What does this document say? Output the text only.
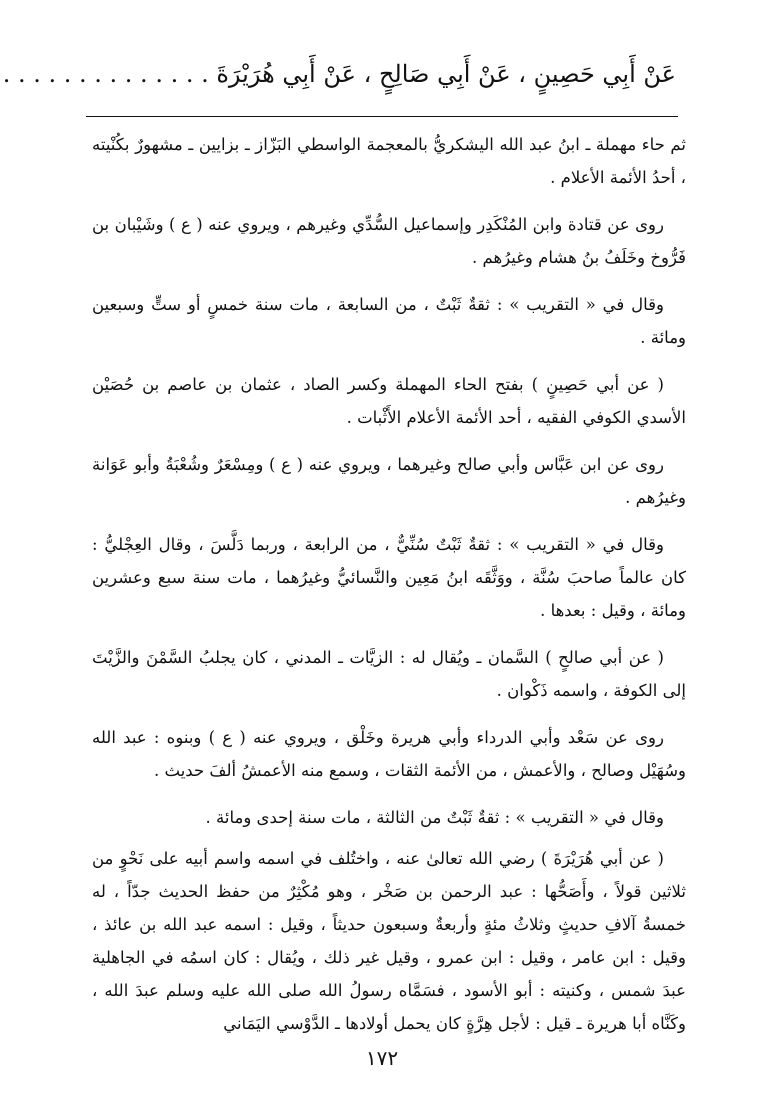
عَنْ أَبِي حَصِينٍ ، عَنْ أَبِي صَالِحٍ ، عَنْ أَبِي هُرَيْرَةَ . . . . . . . . . . . . . .

ثم حاء مهملة ـ ابنُ عبد الله اليشكريُّ بالمعجمة الواسطي البَزّاز ـ بزايين ـ مشهورٌ بكُنْيته ، أحدُ الأئمة الأعلام .

روى عن قتادة وابن المُنْكَدِر وإسماعيل السُّدِّي وغيرهم ، ويروي عنه ( ع ) وشَيْبان بن فَرُّوخ وخَلَفُ بنُ هشام وغيرُهم .

وقال في « التقريب » : ثقةٌ ثَبْتٌ ، من السابعة ، مات سنة خمسٍ أو ستٍّ وسبعين ومائة .

( عن أبي حَصِينٍ ) بفتح الحاء المهملة وكسر الصاد ، عثمان بن عاصم بن حُصَيْن الأسدي الكوفي الفقيه ، أحد الأئمة الأعلام الأَثْبات .

روى عن ابن عَبَّاس وأبي صالح وغيرهما ، ويروي عنه ( ع ) ومِسْعَرٌ وشُعْبَةُ وأبو عَوَانة وغيرُهم .

وقال في « التقريب » : ثقةٌ ثَبْتٌ سُنِّيٌّ ، من الرابعة ، وربما دَلَّسَ ، وقال العِجْليُّ : كان عالماً صاحبَ سُنَّة ، ووَثَّقَه ابنُ مَعِين والنَّسائيُّ وغيرُهما ، مات سنة سبع وعشرين ومائة ، وقيل : بعدها .

( عن أبي صالحٍ ) السَّمان ـ ويُقال له : الزيَّات ـ المدني ، كان يجلبُ السَّمْنَ والزَّيْتَ إلى الكوفة ، واسمه ذَكْوان .

روى عن سَعْد وأبي الدرداء وأبي هريرة وخَلْق ، ويروي عنه ( ع ) وبنوه : عبد الله وسُهَيْل وصالح ، والأعمش ، من الأئمة الثقات ، وسمع منه الأعمشُ ألفَ حديث .

وقال في « التقريب » : ثقةٌ ثَبْتٌ من الثالثة ، مات سنة إحدى ومائة .

( عن أبي هُرَيْرَةَ ) رضي الله تعالىٰ عنه ، واختُلف في اسمه واسم أبيه على نَحْوٍ من ثلاثين قولاً ، وأَصَحُّها : عبد الرحمن بن صَخْر ، وهو مُكْثِرٌ من حفظ الحديث جدّاً ، له خمسةُ آلافِ حديثٍ وثلاثُ مئةٍ وأربعةٌ وسبعون حديثاً ، وقيل : اسمه عبد الله بن عائذ ، وقيل : ابن عامر ، وقيل : ابن عمرو ، وقيل غير ذلك ، ويُقال : كان اسمُه في الجاهلية عبدَ شمس ، وكنيته : أبو الأسود ، فسَمَّاه رسولُ الله صلى الله عليه وسلم عبدَ الله ، وكَنَّاه أبا هريرة ـ قيل : لأجل هِرَّةٍ كان يحمل أولادها ـ الدَّوْسي اليَمَاني

١٧٢
